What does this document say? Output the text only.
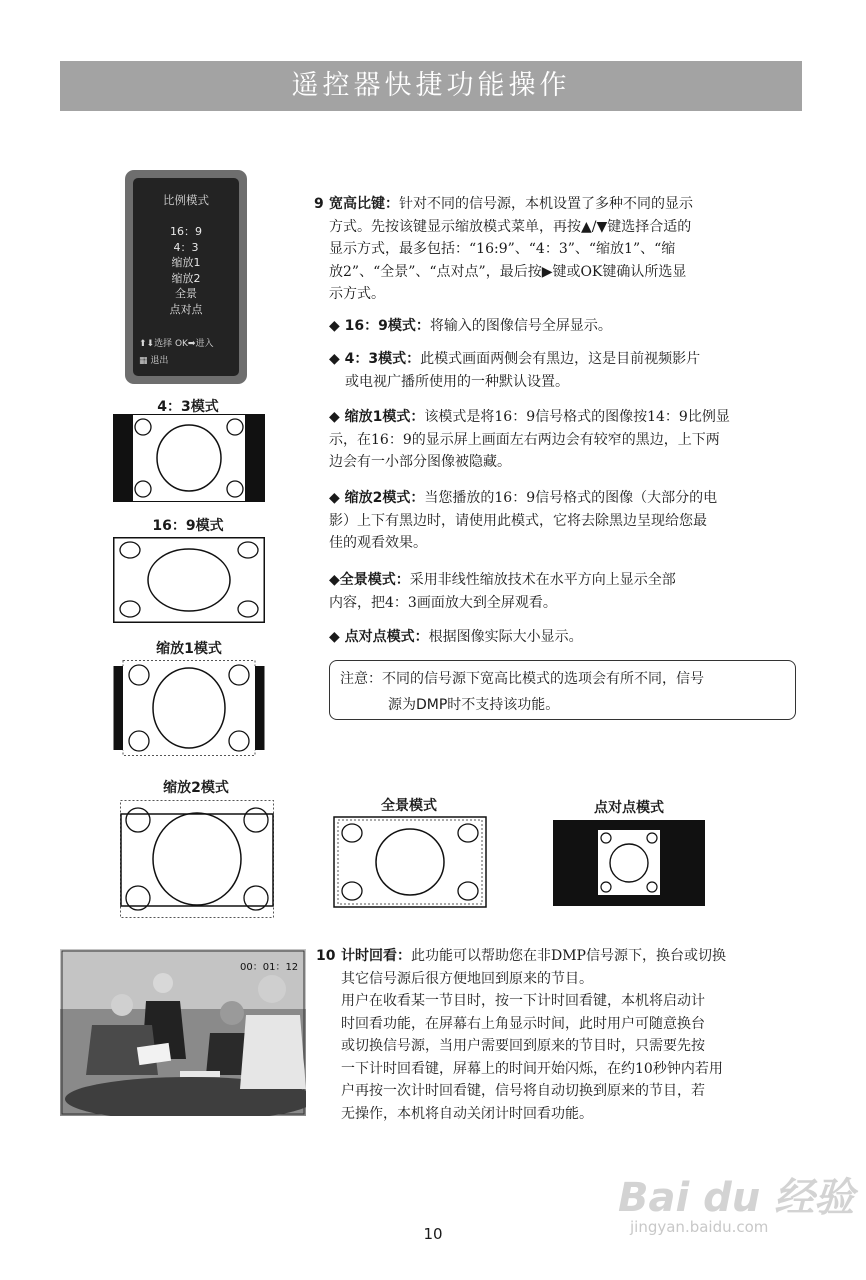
遥控器快捷功能操作
比例模式
16：9
4：3
缩放1
缩放2
全景
点对点
⬆⬇选择 OK➡进入
▦ 退出
4：3模式
16：9模式
缩放1模式
缩放2模式
全景模式	点对点模式
9 宽高比键：针对不同的信号源，本机设置了多种不同的显示
方式。先按该键显示缩放模式菜单，再按▲/▼键选择合适的
显示方式，最多包括：“16:9”、“4：3”、“缩放1”、“缩
放2”、“全景”、“点对点”，最后按▶键或OK键确认所选显
示方式。
◆ 16：9模式：将输入的图像信号全屏显示。
◆ 4：3模式：此模式画面两侧会有黑边，这是目前视频影片
或电视广播所使用的一种默认设置。
◆ 缩放1模式：该模式是将16：9信号格式的图像按14：9比例显
示，在16：9的显示屏上画面左右两边会有较窄的黑边，上下两
边会有一小部分图像被隐藏。
◆ 缩放2模式：当您播放的16：9信号格式的图像（大部分的电
影）上下有黑边时，请使用此模式，它将去除黑边呈现给您最
佳的观看效果。
◆全景模式：采用非线性缩放技术在水平方向上显示全部
内容，把4：3画面放大到全屏观看。
◆ 点对点模式：根据图像实际大小显示。
注意：不同的信号源下宽高比模式的选项会有所不同，信号
源为DMP时不支持该功能。
00：01：12
10 计时回看：此功能可以帮助您在非DMP信号源下，换台或切换
其它信号源后很方便地回到原来的节目。
用户在收看某一节目时，按一下计时回看键，本机将启动计
时回看功能，在屏幕右上角显示时间，此时用户可随意换台
或切换信号源，当用户需要回到原来的节目时，只需要先按
一下计时回看键，屏幕上的时间开始闪烁，在约10秒钟内若用
户再按一次计时回看键，信号将自动切换到原来的节目，若
无操作，本机将自动关闭计时回看功能。
10
Bai du 经验
jingyan.baidu.com
